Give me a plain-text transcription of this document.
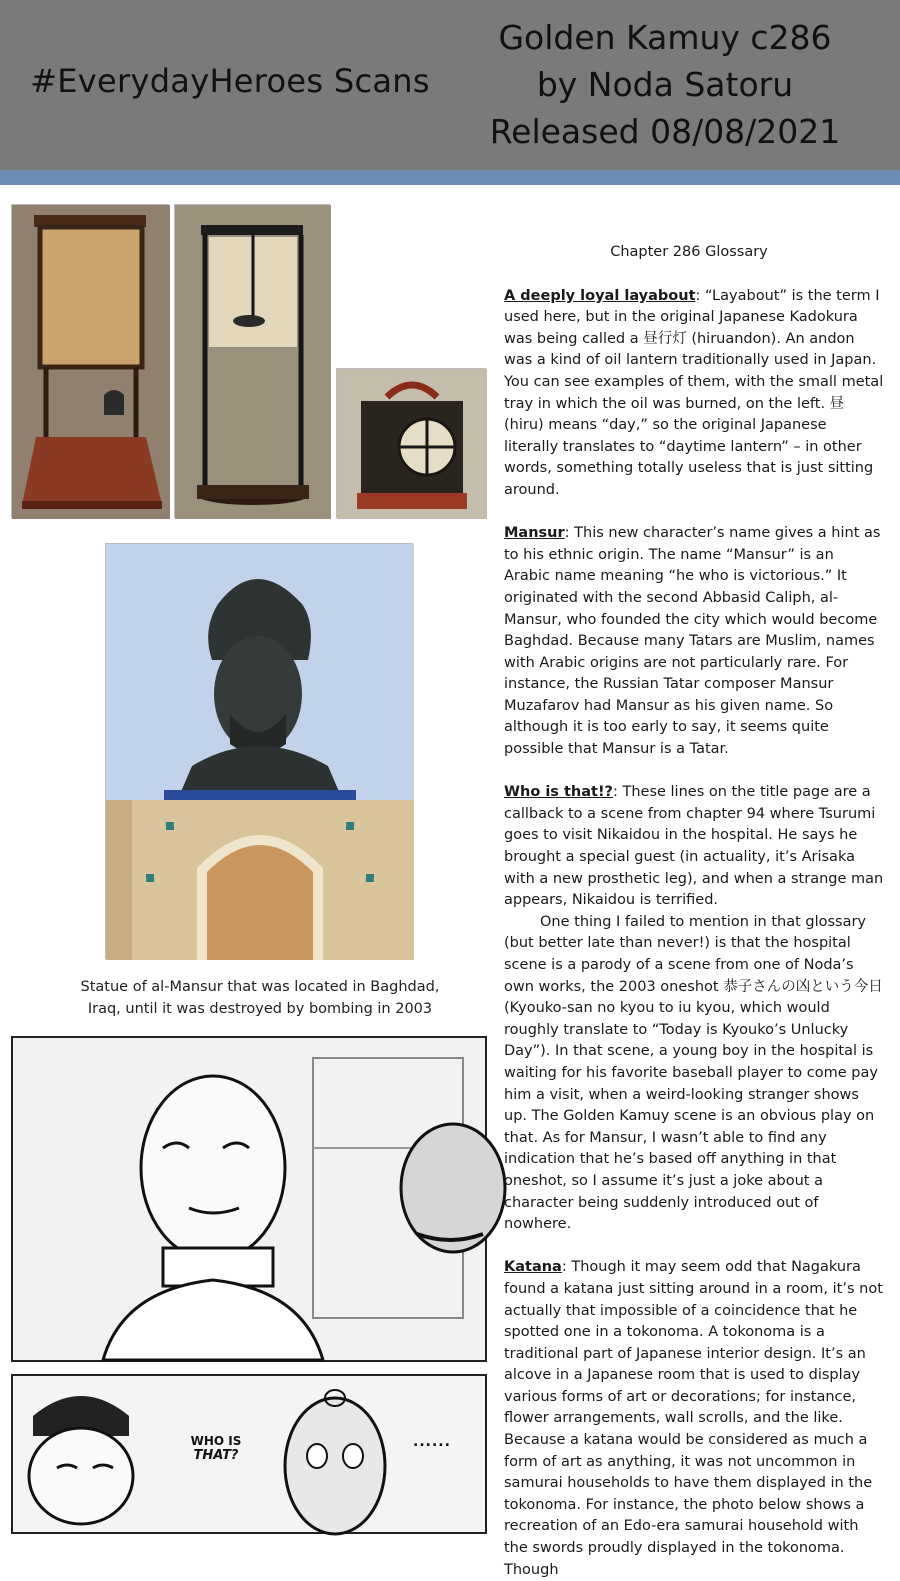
#EverydayHeroes Scans
Golden Kamuy c286
by Noda Satoru
Released 08/08/2021
Statue of al-Mansur that was located in Baghdad, Iraq, until it was destroyed by bombing in 2003
WHO IS
THAT?
......
Chapter 286 Glossary

A deeply loyal layabout: “Layabout” is the term I used here, but in the original Japanese Kadokura was being called a 昼行灯 (hiruandon). An andon was a kind of oil lantern traditionally used in Japan. You can see examples of them, with the small metal tray in which the oil was burned, on the left. 昼 (hiru) means “day,” so the original Japanese literally translates to “daytime lantern” – in other words, something totally useless that is just sitting around.

Mansur: This new character’s name gives a hint as to his ethnic origin. The name “Mansur” is an Arabic name meaning “he who is victorious.” It originated with the second Abbasid Caliph, al-Mansur, who founded the city which would become Baghdad. Because many Tatars are Muslim, names with Arabic origins are not particularly rare. For instance, the Russian Tatar composer Mansur Muzafarov had Mansur as his given name. So although it is too early to say, it seems quite possible that Mansur is a Tatar.

Who is that!?: These lines on the title page are a callback to a scene from chapter 94 where Tsurumi goes to visit Nikaidou in the hospital. He says he brought a special guest (in actuality, it’s Arisaka with a new prosthetic leg), and when a strange man appears, Nikaidou is terrified.

One thing I failed to mention in that glossary (but better late than never!) is that the hospital scene is a parody of a scene from one of Noda’s own works, the 2003 oneshot 恭子さんの凶という今日 (Kyouko-san no kyou to iu kyou, which would roughly translate to “Today is Kyouko’s Unlucky Day”). In that scene, a young boy in the hospital is waiting for his favorite baseball player to come pay him a visit, when a weird-looking stranger shows up. The Golden Kamuy scene is an obvious play on that. As for Mansur, I wasn’t able to find any indication that he’s based off anything in that oneshot, so I assume it’s just a joke about a character being suddenly introduced out of nowhere.

Katana: Though it may seem odd that Nagakura found a katana just sitting around in a room, it’s not actually that impossible of a coincidence that he spotted one in a tokonoma. A tokonoma is a traditional part of Japanese interior design. It’s an alcove in a Japanese room that is used to display various forms of art or decorations; for instance, flower arrangements, wall scrolls, and the like. Because a katana would be considered as much a form of art as anything, it was not uncommon in samurai households to have them displayed in the tokonoma. For instance, the photo below shows a recreation of an Edo-era samurai household with the swords proudly displayed in the tokonoma. Though
